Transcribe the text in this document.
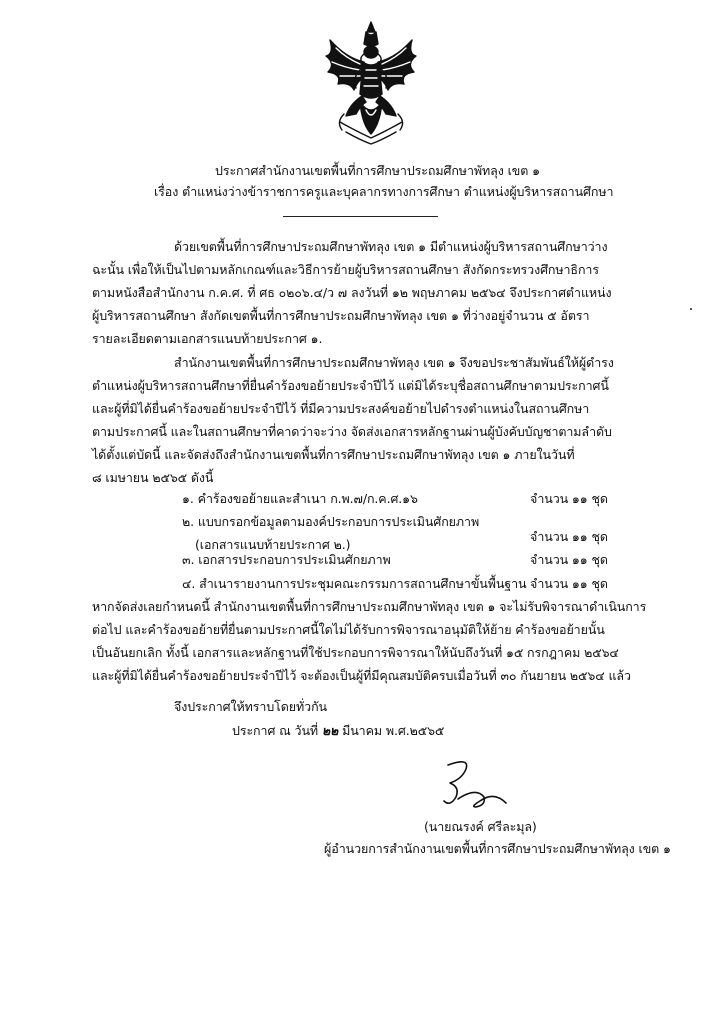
ประกาศสำนักงานเขตพื้นที่การศึกษาประถมศึกษาพัทลุง เขต ๑
เรื่อง ตำแหน่งว่างข้าราชการครูและบุคลากรทางการศึกษา ตำแหน่งผู้บริหารสถานศึกษา
ด้วยเขตพื้นที่การศึกษาประถมศึกษาพัทลุง เขต ๑ มีตำแหน่งผู้บริหารสถานศึกษาว่าง
ฉะนั้น เพื่อให้เป็นไปตามหลักเกณฑ์และวิธีการย้ายผู้บริหารสถานศึกษา สังกัดกระทรวงศึกษาธิการ
ตามหนังสือสำนักงาน ก.ค.ศ. ที่ ศธ ๐๒๐๖.๔/ว ๗ ลงวันที่ ๑๒ พฤษภาคม ๒๕๖๔ จึงประกาศตำแหน่ง
ผู้บริหารสถานศึกษา สังกัดเขตพื้นที่การศึกษาประถมศึกษาพัทลุง เขต ๑ ที่ว่างอยู่จำนวน ๕ อัตรา
รายละเอียดตามเอกสารแนบท้ายประกาศ ๑.
สำนักงานเขตพื้นที่การศึกษาประถมศึกษาพัทลุง เขต ๑ จึงขอประชาสัมพันธ์ให้ผู้ดำรง
ตำแหน่งผู้บริหารสถานศึกษาที่ยื่นคำร้องขอย้ายประจำปีไว้ แต่มิได้ระบุชื่อสถานศึกษาตามประกาศนี้
และผู้ที่มิได้ยื่นคำร้องขอย้ายประจำปีไว้ ที่มีความประสงค์ขอย้ายไปดำรงตำแหน่งในสถานศึกษา
ตามประกาศนี้ และในสถานศึกษาที่คาดว่าจะว่าง จัดส่งเอกสารหลักฐานผ่านผู้บังคับบัญชาตามลำดับ
ได้ตั้งแต่บัดนี้ และจัดส่งถึงสำนักงานเขตพื้นที่การศึกษาประถมศึกษาพัทลุง เขต ๑ ภายในวันที่
๘ เมษายน ๒๕๖๕ ดังนี้
๑. คำร้องขอย้ายและสำเนา ก.พ.๗/ก.ค.ศ.๑๖	จำนวน ๑๑ ชุด
๒. แบบกรอกข้อมูลตามองค์ประกอบการประเมินศักยภาพ
(เอกสารแนบท้ายประกาศ ๒.)
จำนวน ๑๑ ชุด
๓. เอกสารประกอบการประเมินศักยภาพ	จำนวน ๑๑ ชุด
๔. สำเนารายงานการประชุมคณะกรรมการสถานศึกษาขั้นพื้นฐาน จำนวน ๑๑ ชุด
หากจัดส่งเลยกำหนดนี้ สำนักงานเขตพื้นที่การศึกษาประถมศึกษาพัทลุง เขต ๑ จะไม่รับพิจารณาดำเนินการ
ต่อไป และคำร้องขอย้ายที่ยื่นตามประกาศนี้ใดไม่ได้รับการพิจารณาอนุมัติให้ย้าย คำร้องขอย้ายนั้น
เป็นอันยกเลิก ทั้งนี้ เอกสารและหลักฐานที่ใช้ประกอบการพิจารณาให้นับถึงวันที่ ๑๕ กรกฎาคม ๒๕๖๔
และผู้ที่มิได้ยื่นคำร้องขอย้ายประจำปีไว้ จะต้องเป็นผู้ที่มีคุณสมบัติครบเมื่อวันที่ ๓๐ กันยายน ๒๕๖๔ แล้ว
จึงประกาศให้ทราบโดยทั่วกัน
ประกาศ ณ วันที่ ๒๒ มีนาคม พ.ศ.๒๕๖๕
(นายณรงค์ ศรีละมุล)
ผู้อำนวยการสำนักงานเขตพื้นที่การศึกษาประถมศึกษาพัทลุง เขต ๑
